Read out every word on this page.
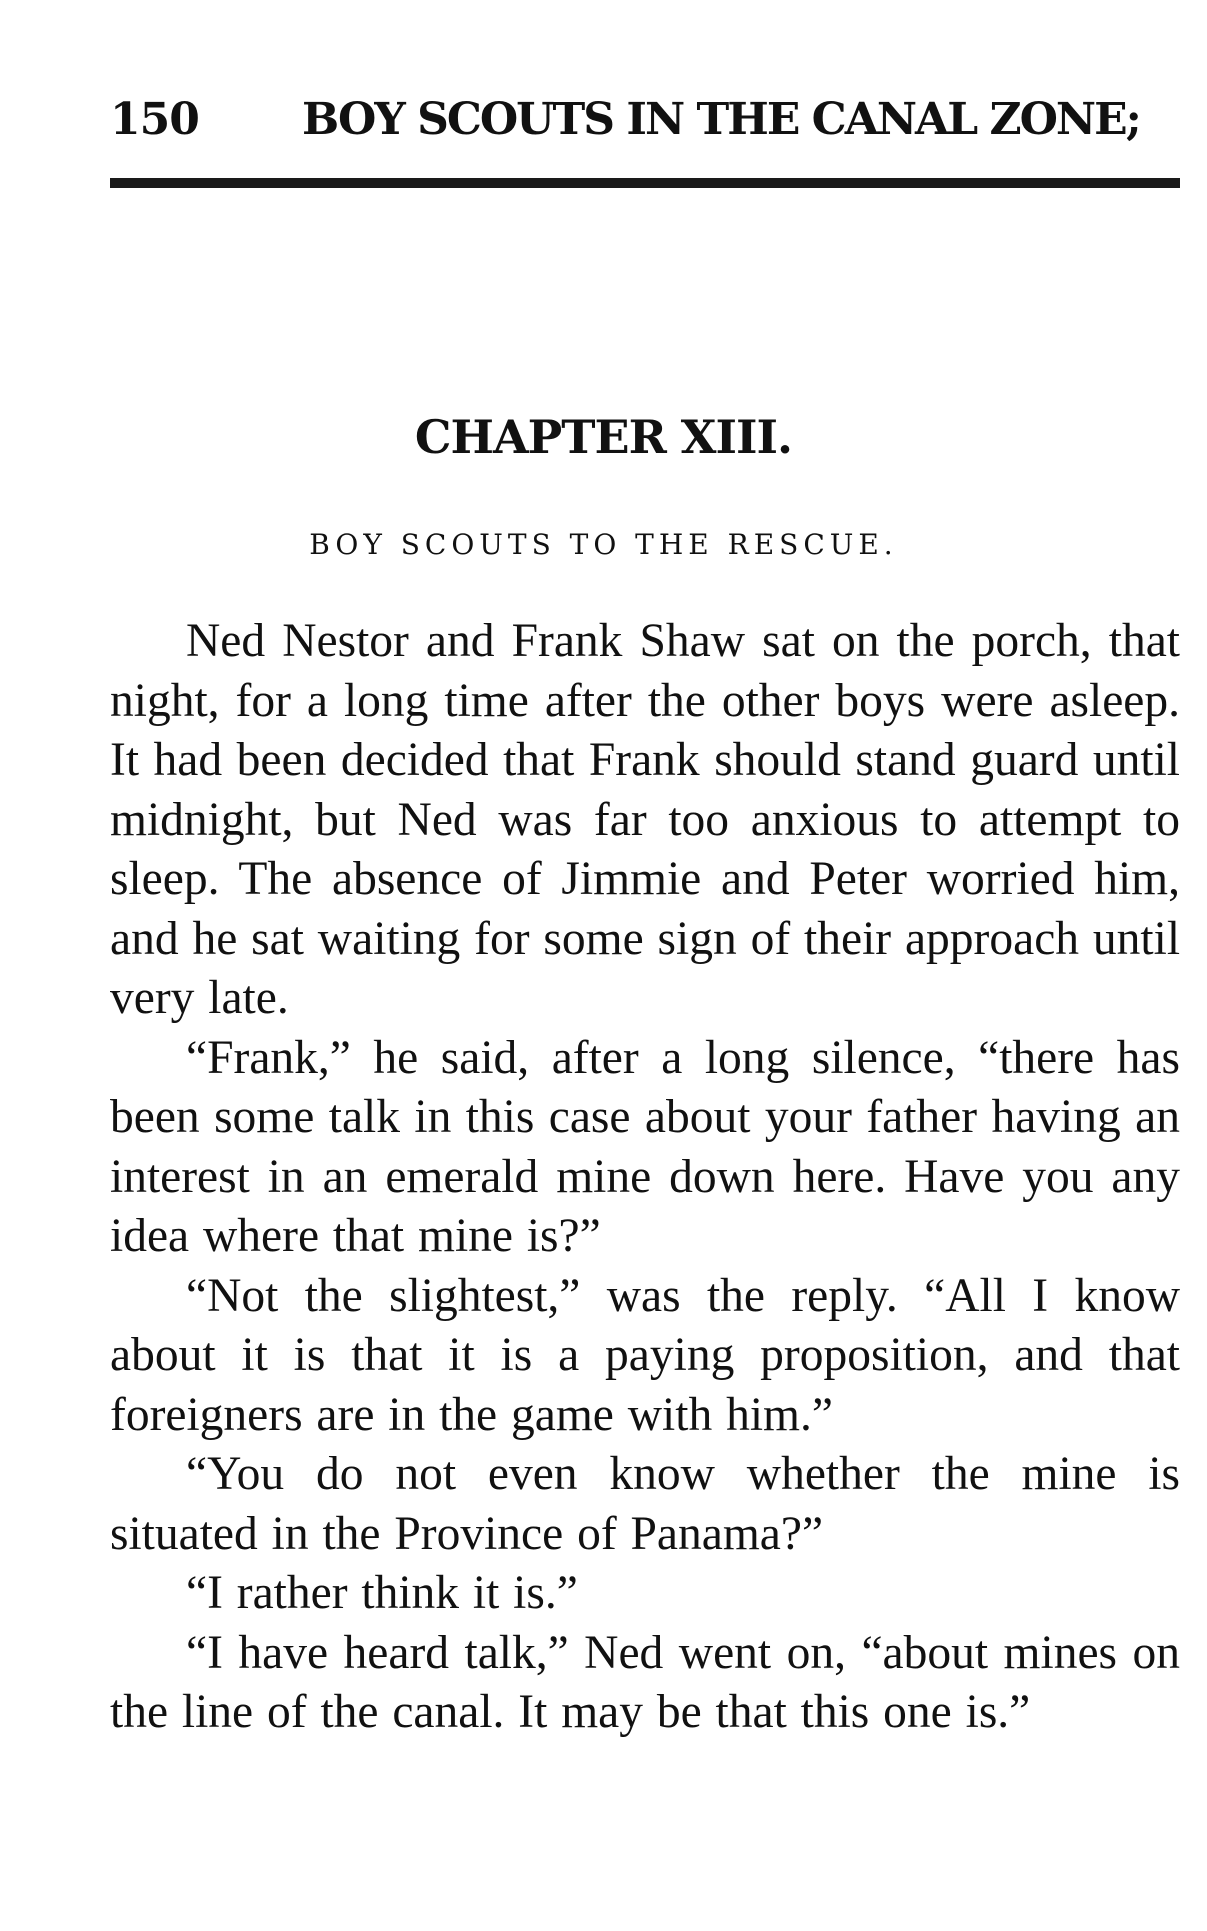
150 BOY SCOUTS IN THE CANAL ZONE;
CHAPTER XIII.
BOY SCOUTS TO THE RESCUE.

Ned Nestor and Frank Shaw sat on the porch, that night, for a long time after the other boys were asleep. It had been decided that Frank should stand guard until midnight, but Ned was far too anxious to attempt to sleep. The absence of Jimmie and Peter worried him, and he sat waiting for some sign of their approach until very late.

“Frank,” he said, after a long silence, “there has been some talk in this case about your father having an interest in an emerald mine down here. Have you any idea where that mine is?”

“Not the slightest,” was the reply. “All I know about it is that it is a paying proposition, and that foreigners are in the game with him.”

“You do not even know whether the mine is situated in the Province of Panama?”

“I rather think it is.”

“I have heard talk,” Ned went on, “about mines on the line of the canal. It may be that this one is.”
